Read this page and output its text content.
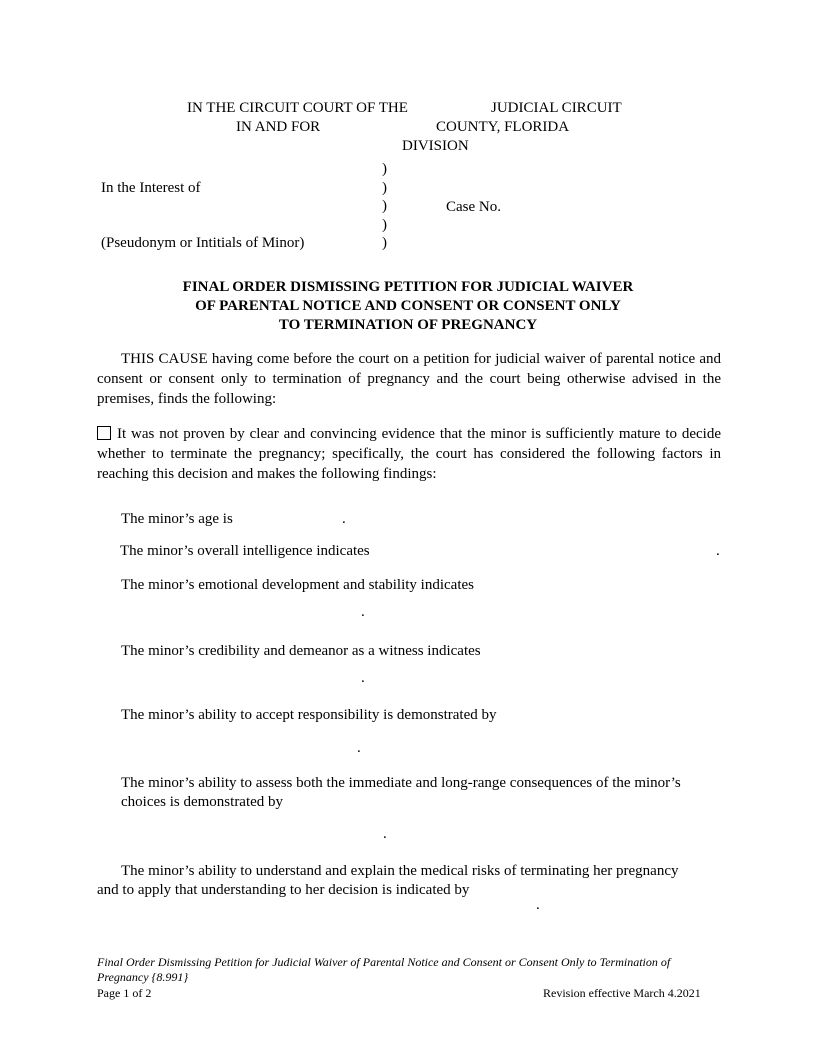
IN THE CIRCUIT COURT OF THE	JUDICIAL CIRCUIT
IN AND FOR	COUNTY, FLORIDA
DIVISION
)
)
)
)
)
In the Interest of
Case No.
(Pseudonym or Intitials of Minor)
FINAL ORDER DISMISSING PETITION FOR JUDICIAL WAIVER
OF PARENTAL NOTICE AND CONSENT OR CONSENT ONLY
TO TERMINATION OF PREGNANCY
THIS CAUSE having come before the court on a petition for judicial waiver of parental notice and consent or consent only to termination of pregnancy and the court being otherwise advised in the premises, finds the following:
It was not proven by clear and convincing evidence that the minor is sufficiently mature to decide whether to terminate the pregnancy; specifically, the court has considered the following factors in reaching this decision and makes the following findings:
The minor’s age is	.
The minor’s overall intelligence indicates	.
The minor’s emotional development and stability indicates
.
The minor’s credibility and demeanor as a witness indicates
.
The minor’s ability to accept responsibility is demonstrated by
.
The minor’s ability to assess both the immediate and long-range consequences of the minor’s
choices is demonstrated by
.
The minor’s ability to understand and explain the medical risks of terminating her pregnancy
and to apply that understanding to her decision is indicated by
.
Final Order Dismissing Petition for Judicial Waiver of Parental Notice and Consent or Consent Only to Termination of Pregnancy {8.991}
Page 1 of 2	Revision effective March 4.2021
